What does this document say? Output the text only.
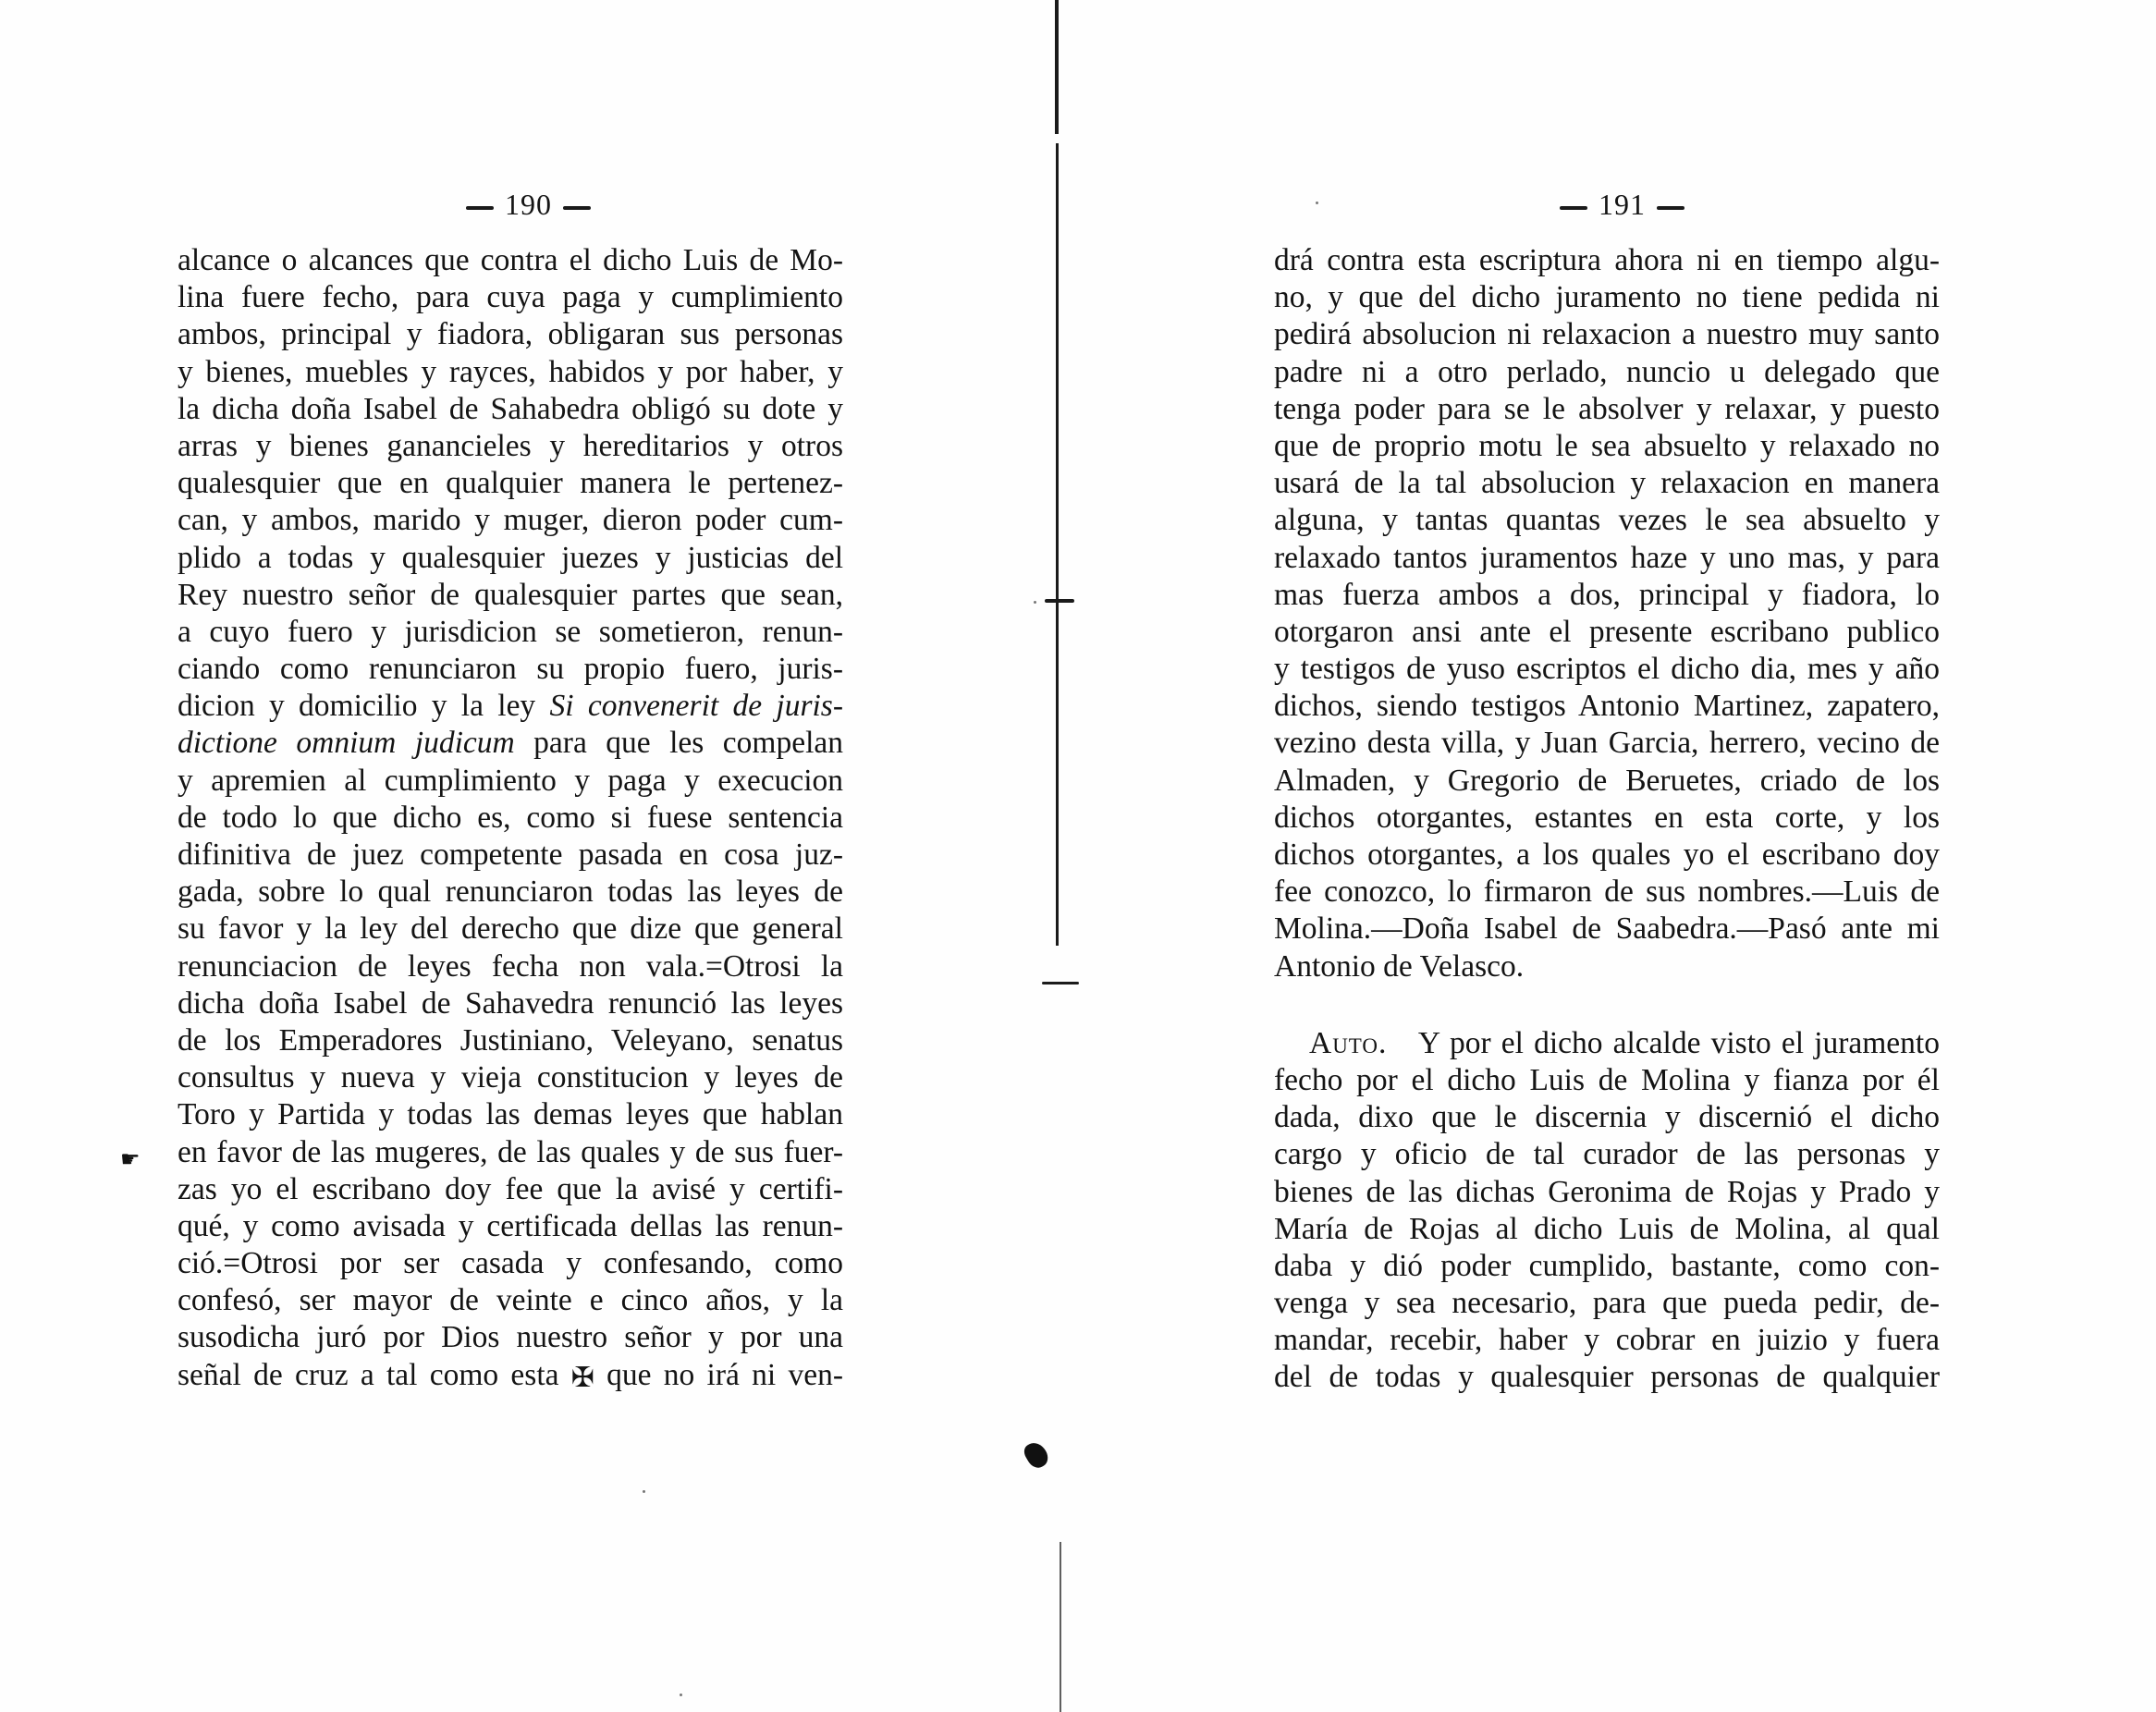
190
alcance o alcances que contra el dicho Luis de Mo-
lina fuere fecho, para cuya paga y cumplimiento
ambos, principal y fiadora, obligaran sus personas
y bienes, muebles y rayces, habidos y por haber, y
la dicha doña Isabel de Sahabedra obligó su dote y
arras y bienes ganancieles y hereditarios y otros
qualesquier que en qualquier manera le pertenez-
can, y ambos, marido y muger, dieron poder cum-
plido a todas y qualesquier juezes y justicias del
Rey nuestro señor de qualesquier partes que sean,
a cuyo fuero y jurisdicion se sometieron, renun-
ciando como renunciaron su propio fuero, juris-
dicion y domicilio y la ley Si convenerit de juris-
dictione omnium judicum para que les compelan
y apremien al cumplimiento y paga y execucion
de todo lo que dicho es, como si fuese sentencia
difinitiva de juez competente pasada en cosa juz-
gada, sobre lo qual renunciaron todas las leyes de
su favor y la ley del derecho que dize que general
renunciacion de leyes fecha non vala.=Otrosi la
dicha doña Isabel de Sahavedra renunció las leyes
de los Emperadores Justiniano, Veleyano, senatus
consultus y nueva y vieja constitucion y leyes de
Toro y Partida y todas las demas leyes que hablan
en favor de las mugeres, de las quales y de sus fuer-
zas yo el escribano doy fee que la avisé y certifi-
qué, y como avisada y certificada dellas las renun-
ció.=Otrosi por ser casada y confesando, como
confesó, ser mayor de veinte e cinco años, y la
susodicha juró por Dios nuestro señor y por una
señal de cruz a tal como esta ✠ que no irá ni ven-
☛
191
drá contra esta escriptura ahora ni en tiempo algu-
no, y que del dicho juramento no tiene pedida ni
pedirá absolucion ni relaxacion a nuestro muy santo
padre ni a otro perlado, nuncio u delegado que
tenga poder para se le absolver y relaxar, y puesto
que de proprio motu le sea absuelto y relaxado no
usará de la tal absolucion y relaxacion en manera
alguna, y tantas quantas vezes le sea absuelto y
relaxado tantos juramentos haze y uno mas, y para
mas fuerza ambos a dos, principal y fiadora, lo
otorgaron ansi ante el presente escribano publico
y testigos de yuso escriptos el dicho dia, mes y año
dichos, siendo testigos Antonio Martinez, zapatero,
vezino desta villa, y Juan Garcia, herrero, vecino de
Almaden, y Gregorio de Beruetes, criado de los
dichos otorgantes, estantes en esta corte, y los
dichos otorgantes, a los quales yo el escribano doy
fee conozco, lo firmaron de sus nombres.—Luis de
Molina.—Doña Isabel de Saabedra.—Pasó ante mi
Antonio de Velasco.
Auto.  Y por el dicho alcalde visto el juramento
fecho por el dicho Luis de Molina y fianza por él
dada, dixo que le discernia y discernió el dicho
cargo y oficio de tal curador de las personas y
bienes de las dichas Geronima de Rojas y Prado y
María de Rojas al dicho Luis de Molina, al qual
daba y dió poder cumplido, bastante, como con-
venga y sea necesario, para que pueda pedir, de-
mandar, recebir, haber y cobrar en juizio y fuera
del de todas y qualesquier personas de qualquier
